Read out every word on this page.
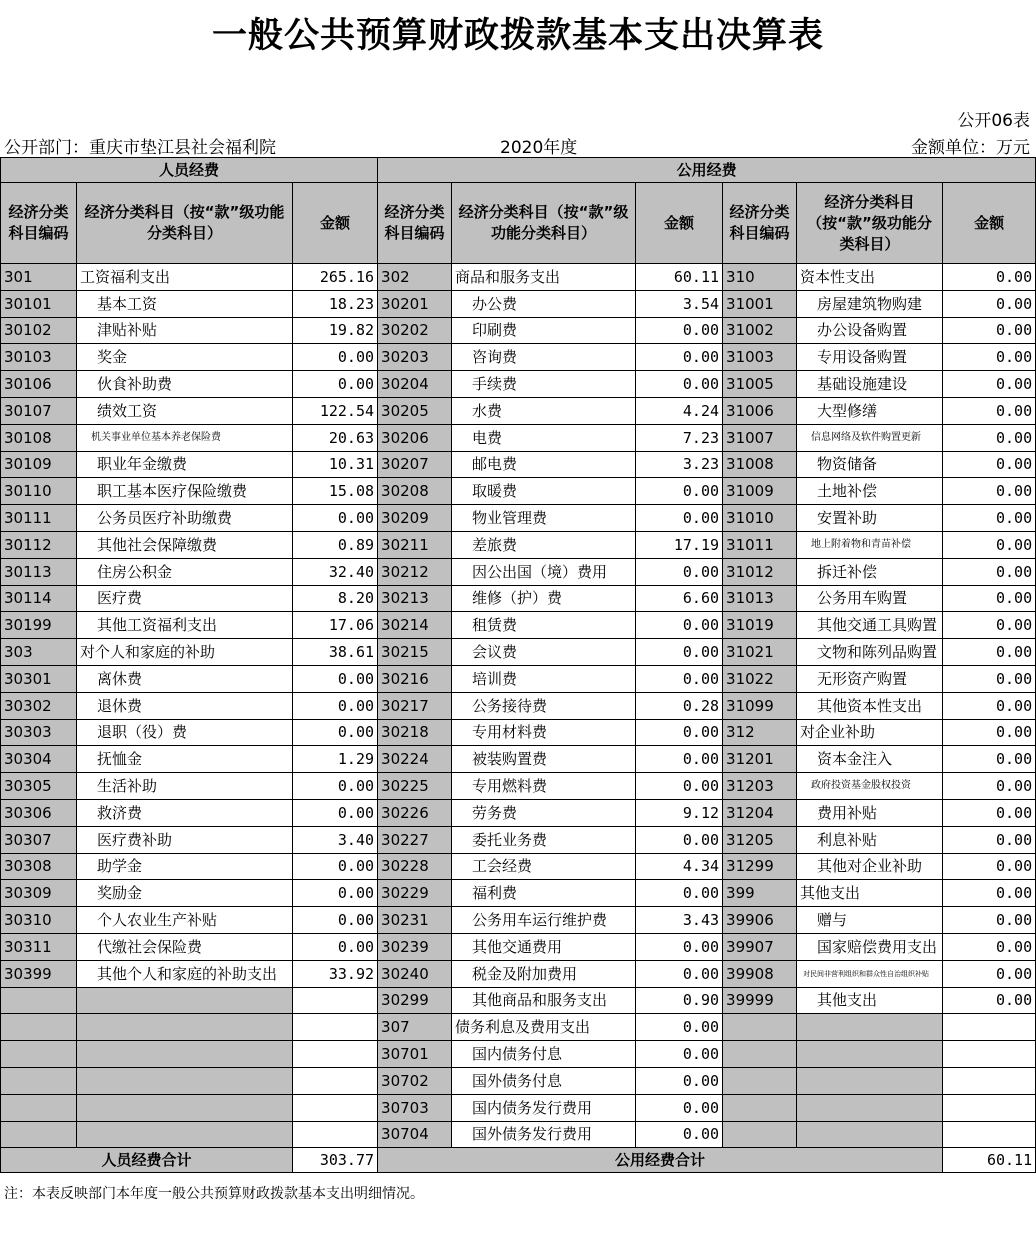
一般公共预算财政拨款基本支出决算表
公开06表
公开部门：重庆市垫江县社会福利院	2020年度	金额单位：万元
人员经费			公用经费					
经济分类科目编码	经济分类科目（按“款”级功能分类科目）	金额	经济分类科目编码	经济分类科目（按“款”级功能分类科目）	金额	经济分类科目编码	经济分类科目（按“款”级功能分类科目）	金额
301	工资福利支出	265.16	302	商品和服务支出	60.11	310	资本性支出	0.00
30101	基本工资	18.23	30201	办公费	3.54	31001	房屋建筑物购建	0.00
30102	津贴补贴	19.82	30202	印刷费	0.00	31002	办公设备购置	0.00
30103	奖金	0.00	30203	咨询费	0.00	31003	专用设备购置	0.00
30106	伙食补助费	0.00	30204	手续费	0.00	31005	基础设施建设	0.00
30107	绩效工资	122.54	30205	水费	4.24	31006	大型修缮	0.00
30108	机关事业单位基本养老保险费	20.63	30206	电费	7.23	31007	信息网络及软件购置更新	0.00
30109	职业年金缴费	10.31	30207	邮电费	3.23	31008	物资储备	0.00
30110	职工基本医疗保险缴费	15.08	30208	取暖费	0.00	31009	土地补偿	0.00
30111	公务员医疗补助缴费	0.00	30209	物业管理费	0.00	31010	安置补助	0.00
30112	其他社会保障缴费	0.89	30211	差旅费	17.19	31011	地上附着物和青苗补偿	0.00
30113	住房公积金	32.40	30212	因公出国（境）费用	0.00	31012	拆迁补偿	0.00
30114	医疗费	8.20	30213	维修（护）费	6.60	31013	公务用车购置	0.00
30199	其他工资福利支出	17.06	30214	租赁费	0.00	31019	其他交通工具购置	0.00
303	对个人和家庭的补助	38.61	30215	会议费	0.00	31021	文物和陈列品购置	0.00
30301	离休费	0.00	30216	培训费	0.00	31022	无形资产购置	0.00
30302	退休费	0.00	30217	公务接待费	0.28	31099	其他资本性支出	0.00
30303	退职（役）费	0.00	30218	专用材料费	0.00	312	对企业补助	0.00
30304	抚恤金	1.29	30224	被装购置费	0.00	31201	资本金注入	0.00
30305	生活补助	0.00	30225	专用燃料费	0.00	31203	政府投资基金股权投资	0.00
30306	救济费	0.00	30226	劳务费	9.12	31204	费用补贴	0.00
30307	医疗费补助	3.40	30227	委托业务费	0.00	31205	利息补贴	0.00
30308	助学金	0.00	30228	工会经费	4.34	31299	其他对企业补助	0.00
30309	奖励金	0.00	30229	福利费	0.00	399	其他支出	0.00
30310	个人农业生产补贴	0.00	30231	公务用车运行维护费	3.43	39906	赠与	0.00
30311	代缴社会保险费	0.00	30239	其他交通费用	0.00	39907	国家赔偿费用支出	0.00
30399	其他个人和家庭的补助支出	33.92	30240	税金及附加费用	0.00	39908	对民间非营利组织和群众性自治组织补贴	0.00
			30299	其他商品和服务支出	0.90	39999	其他支出	0.00
			307	债务利息及费用支出	0.00			
			30701	国内债务付息	0.00			
			30702	国外债务付息	0.00			
			30703	国内债务发行费用	0.00			
			30704	国外债务发行费用	0.00			
人员经费合计		303.77	公用经费合计					60.11
注：本表反映部门本年度一般公共预算财政拨款基本支出明细情况。
